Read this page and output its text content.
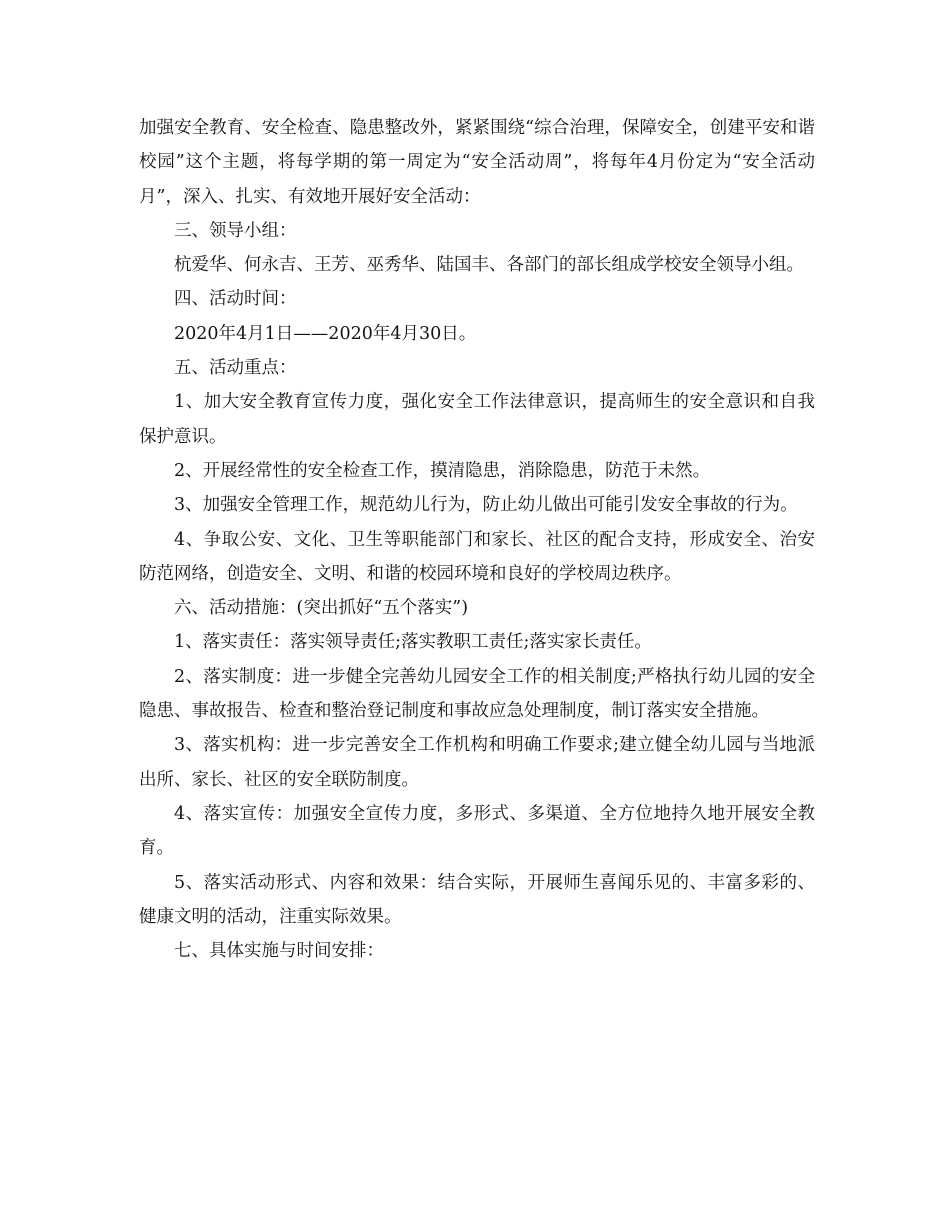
加强安全教育、安全检查、隐患整改外，紧紧围绕“综合治理，保障安全，创建平安和谐校园”这个主题，将每学期的第一周定为“安全活动周”，将每年4月份定为“安全活动月”，深入、扎实、有效地开展好安全活动：

三、领导小组：

杭爱华、何永吉、王芳、巫秀华、陆国丰、各部门的部长组成学校安全领导小组。

四、活动时间：

2020年4月1日——2020年4月30日。

五、活动重点：

1、加大安全教育宣传力度，强化安全工作法律意识，提高师生的安全意识和自我保护意识。

2、开展经常性的安全检查工作，摸清隐患，消除隐患，防范于未然。

3、加强安全管理工作，规范幼儿行为，防止幼儿做出可能引发安全事故的行为。

4、争取公安、文化、卫生等职能部门和家长、社区的配合支持，形成安全、治安防范网络，创造安全、文明、和谐的校园环境和良好的学校周边秩序。

六、活动措施：(突出抓好“五个落实”)

1、落实责任：落实领导责任;落实教职工责任;落实家长责任。

2、落实制度：进一步健全完善幼儿园安全工作的相关制度;严格执行幼儿园的安全隐患、事故报告、检查和整治登记制度和事故应急处理制度，制订落实安全措施。

3、落实机构：进一步完善安全工作机构和明确工作要求;建立健全幼儿园与当地派出所、家长、社区的安全联防制度。

4、落实宣传：加强安全宣传力度，多形式、多渠道、全方位地持久地开展安全教育。

5、落实活动形式、内容和效果：结合实际，开展师生喜闻乐见的、丰富多彩的、健康文明的活动，注重实际效果。

七、具体实施与时间安排：
